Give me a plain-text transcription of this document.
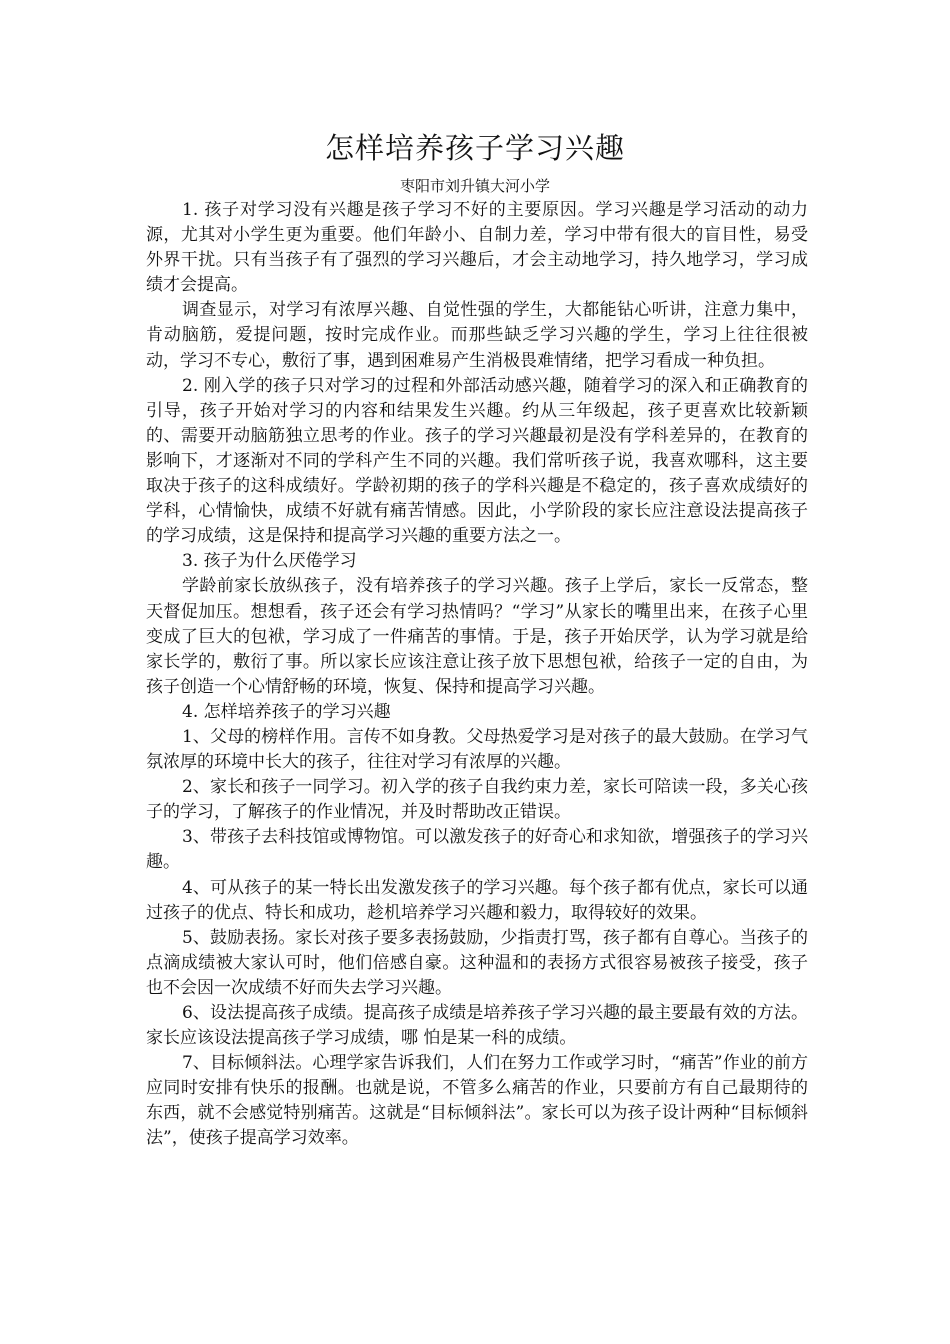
怎样培养孩子学习兴趣
枣阳市刘升镇大河小学

1. 孩子对学习没有兴趣是孩子学习不好的主要原因。学习兴趣是学习活动的动力源，尤其对小学生更为重要。他们年龄小、自制力差，学习中带有很大的盲目性，易受外界干扰。只有当孩子有了强烈的学习兴趣后，才会主动地学习，持久地学习，学习成绩才会提高。

调查显示，对学习有浓厚兴趣、自觉性强的学生，大都能钻心听讲，注意力集中，肯动脑筋，爱提问题，按时完成作业。而那些缺乏学习兴趣的学生，学习上往往很被动，学习不专心，敷衍了事，遇到困难易产生消极畏难情绪，把学习看成一种负担。

2. 刚入学的孩子只对学习的过程和外部活动感兴趣，随着学习的深入和正确教育的引导，孩子开始对学习的内容和结果发生兴趣。约从三年级起，孩子更喜欢比较新颖的、需要开动脑筋独立思考的作业。孩子的学习兴趣最初是没有学科差异的，在教育的影响下，才逐渐对不同的学科产生不同的兴趣。我们常听孩子说，我喜欢哪科，这主要取决于孩子的这科成绩好。学龄初期的孩子的学科兴趣是不稳定的，孩子喜欢成绩好的学科，心情愉快，成绩不好就有痛苦情感。因此，小学阶段的家长应注意设法提高孩子的学习成绩，这是保持和提高学习兴趣的重要方法之一。

3. 孩子为什么厌倦学习

学龄前家长放纵孩子，没有培养孩子的学习兴趣。孩子上学后，家长一反常态，整天督促加压。想想看，孩子还会有学习热情吗？“学习”从家长的嘴里出来，在孩子心里变成了巨大的包袱，学习成了一件痛苦的事情。于是，孩子开始厌学，认为学习就是给家长学的，敷衍了事。所以家长应该注意让孩子放下思想包袱，给孩子一定的自由，为孩子创造一个心情舒畅的环境，恢复、保持和提高学习兴趣。

4. 怎样培养孩子的学习兴趣

1、父母的榜样作用。言传不如身教。父母热爱学习是对孩子的最大鼓励。在学习气氛浓厚的环境中长大的孩子，往往对学习有浓厚的兴趣。

2、家长和孩子一同学习。初入学的孩子自我约束力差，家长可陪读一段，多关心孩子的学习，了解孩子的作业情况，并及时帮助改正错误。

3、带孩子去科技馆或博物馆。可以激发孩子的好奇心和求知欲，增强孩子的学习兴趣。

4、可从孩子的某一特长出发激发孩子的学习兴趣。每个孩子都有优点，家长可以通过孩子的优点、特长和成功，趁机培养学习兴趣和毅力，取得较好的效果。

5、鼓励表扬。家长对孩子要多表扬鼓励，少指责打骂，孩子都有自尊心。当孩子的点滴成绩被大家认可时，他们倍感自豪。这种温和的表扬方式很容易被孩子接受，孩子也不会因一次成绩不好而失去学习兴趣。

6、设法提高孩子成绩。提高孩子成绩是培养孩子学习兴趣的最主要最有效的方法。家长应该设法提高孩子学习成绩，哪 怕是某一科的成绩。

7、目标倾斜法。心理学家告诉我们，人们在努力工作或学习时，“痛苦”作业的前方应同时安排有快乐的报酬。也就是说，不管多么痛苦的作业，只要前方有自己最期待的东西，就不会感觉特别痛苦。这就是“目标倾斜法”。家长可以为孩子设计两种“目标倾斜法”，使孩子提高学习效率。
